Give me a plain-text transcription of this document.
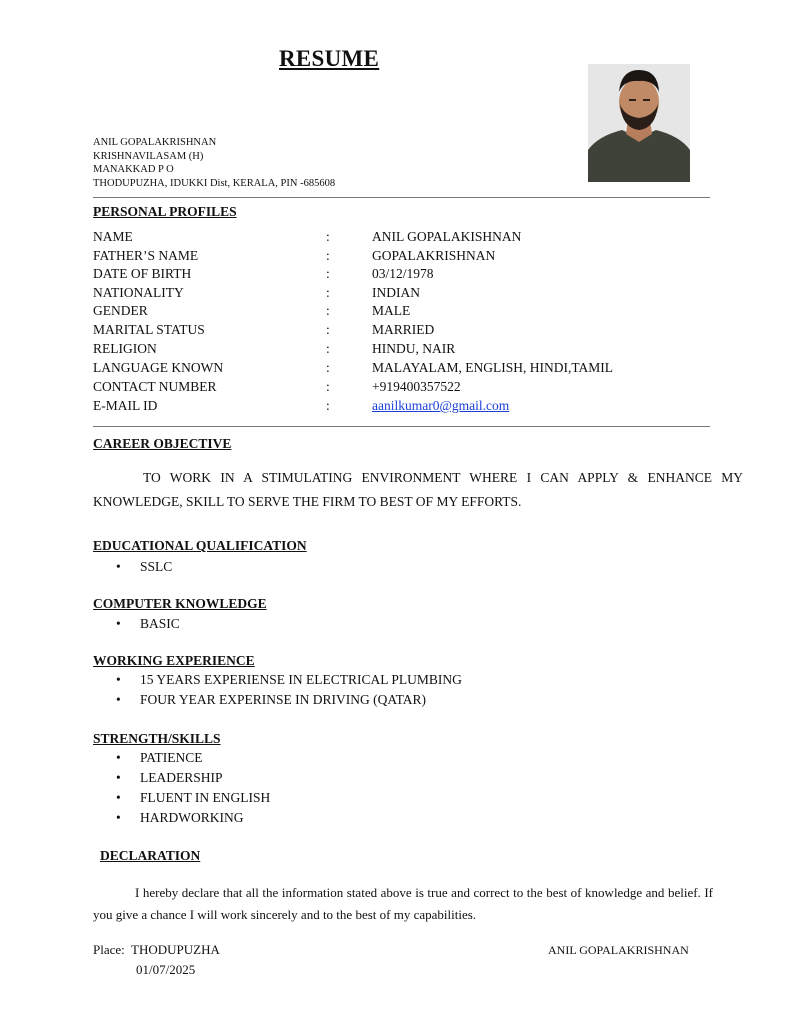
RESUME
ANIL GOPALAKRISHNAN
KRISHNAVILASAM (H)
MANAKKAD P O
THODUPUZHA, IDUKKI Dist, KERALA, PIN -685608
PERSONAL PROFILES
NAME	:	ANIL GOPALAKISHNAN
FATHER’S NAME	:	GOPALAKRISHNAN
DATE OF BIRTH	:	03/12/1978
NATIONALITY	:	INDIAN
GENDER	:	MALE
MARITAL STATUS	:	MARRIED
RELIGION	:	HINDU, NAIR
LANGUAGE KNOWN	:	MALAYALAM, ENGLISH, HINDI,TAMIL
CONTACT NUMBER	:	+919400357522
E-MAIL ID	:	aanilkumar0@gmail.com
CAREER OBJECTIVE
TO WORK IN A STIMULATING ENVIRONMENT WHERE I CAN APPLY & ENHANCE MY KNOWLEDGE, SKILL TO SERVE THE FIRM TO BEST OF MY EFFORTS.
EDUCATIONAL QUALIFICATION
• SSLC
COMPUTER KNOWLEDGE
• BASIC
WORKING EXPERIENCE
• 15 YEARS EXPERIENSE IN ELECTRICAL PLUMBING
• FOUR YEAR EXPERINSE IN DRIVING (QATAR)
STRENGTH/SKILLS
• PATIENCE
• LEADERSHIP
• FLUENT IN ENGLISH
• HARDWORKING
DECLARATION
I hereby declare that all the information stated above is true and correct to the best of knowledge and belief. If you give a chance I will work sincerely and to the best of my capabilities.
Place: THODUPUZHA
01/07/2025
ANIL GOPALAKRISHNAN
